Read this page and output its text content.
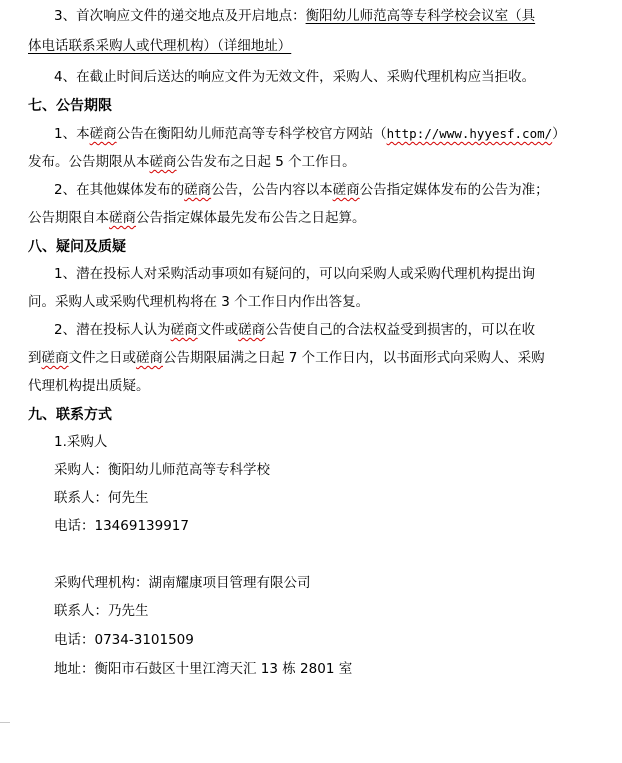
3、首次响应文件的递交地点及开启地点：衡阳幼儿师范高等专科学校会议室（具
体电话联系采购人或代理机构）（详细地址）
4、在截止时间后送达的响应文件为无效文件，采购人、采购代理机构应当拒收。
七、公告期限
1、本磋商公告在衡阳幼儿师范高等专科学校官方网站（http://www.hyyesf.com/）
发布。公告期限从本磋商公告发布之日起 5 个工作日。
2、在其他媒体发布的磋商公告，公告内容以本磋商公告指定媒体发布的公告为准；
公告期限自本磋商公告指定媒体最先发布公告之日起算。
八、疑问及质疑
1、潜在投标人对采购活动事项如有疑问的，可以向采购人或采购代理机构提出询
问。采购人或采购代理机构将在 3 个工作日内作出答复。
2、潜在投标人认为磋商文件或磋商公告使自己的合法权益受到损害的，可以在收
到磋商文件之日或磋商公告期限届满之日起 7 个工作日内，以书面形式向采购人、采购
代理机构提出质疑。
九、联系方式
1.采购人
采购人：衡阳幼儿师范高等专科学校
联系人：何先生
电话：13469139917
采购代理机构：湖南耀康项目管理有限公司
联系人：乃先生
电话：0734-3101509
地址：衡阳市石鼓区十里江湾天汇 13 栋 2801 室
